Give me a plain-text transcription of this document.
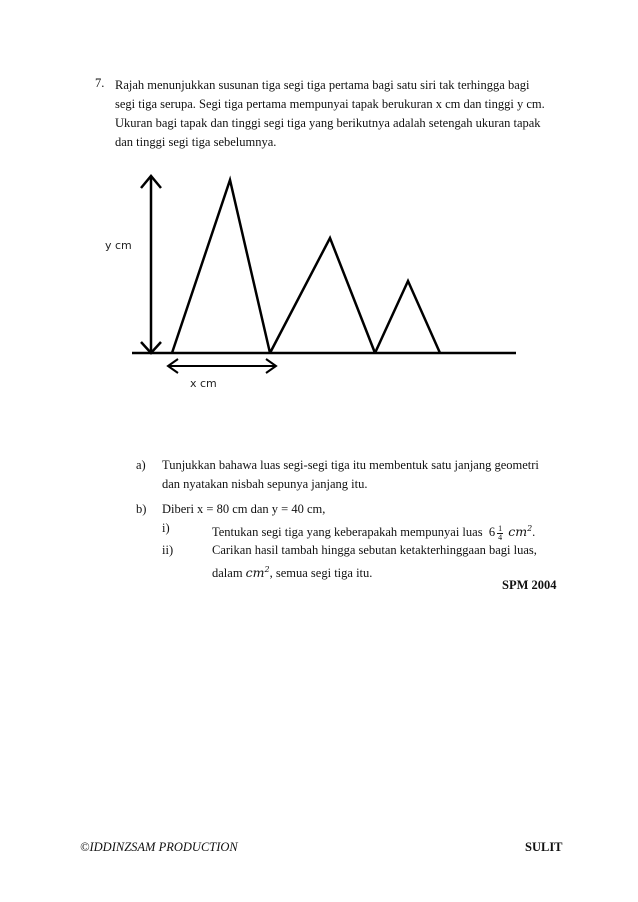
7. Rajah menunjukkan susunan tiga segi tiga pertama bagi satu siri tak terhingga bagi
segi tiga serupa. Segi tiga pertama mempunyai tapak berukuran x cm dan tinggi y cm.
Ukuran bagi tapak dan tinggi segi tiga yang berikutnya adalah setengah ukuran tapak
dan tinggi segi tiga sebelumnya.
y cm
x cm
a) Tunjukkan bahawa luas segi-segi tiga itu membentuk satu janjang geometri
dan nyatakan nisbah sepunya janjang itu.
b) Diberi x = 80 cm dan y = 40 cm,
i)	Tentukan segi tiga yang keberapakah mempunyai luas $6 \frac{1}{4} cm^2$.
ii)	Carikan hasil tambah hingga sebutan ketakterhinggaan bagi luas,
dalam $cm^2$, semua segi tiga itu.
SPM 2004
©IDDINZSAM PRODUCTION	SULIT
